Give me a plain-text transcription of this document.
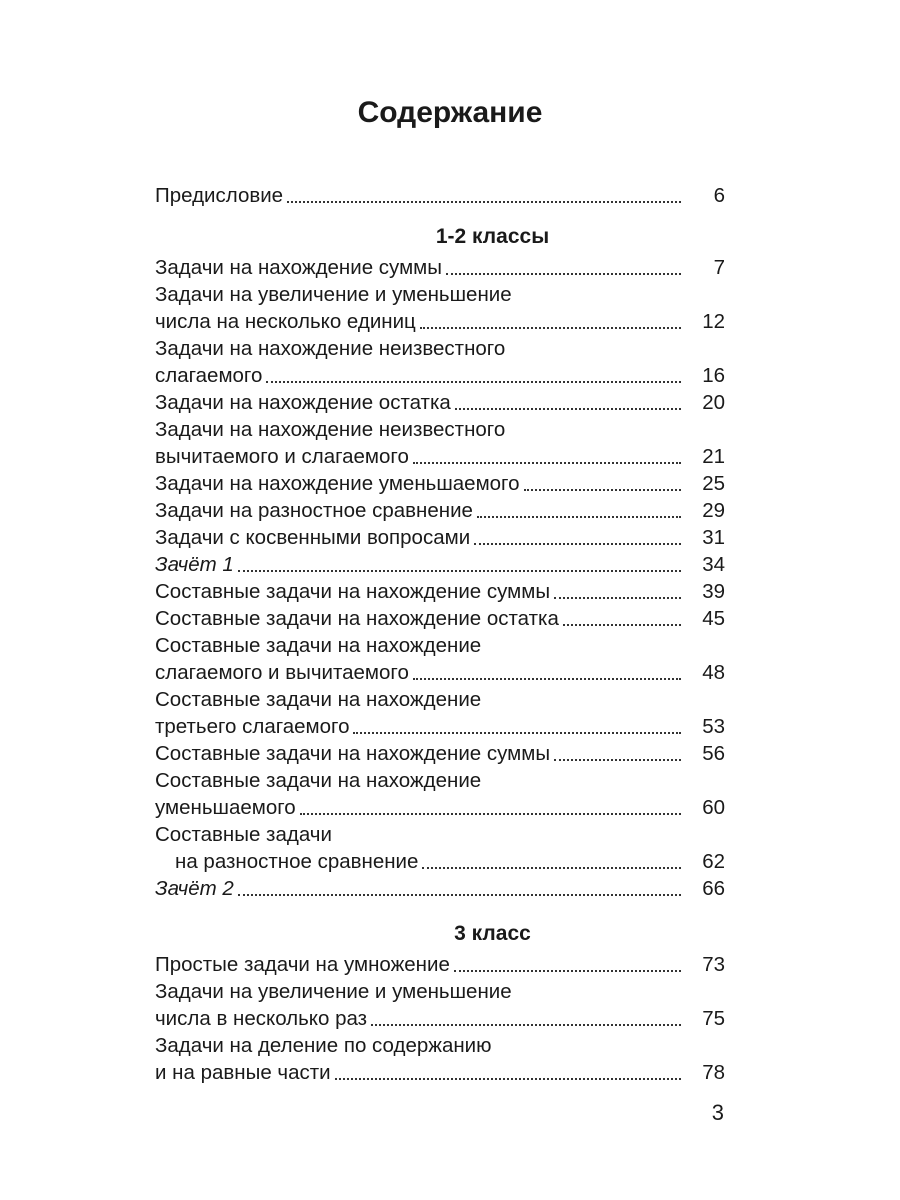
Содержание
Предисловие	6
1-2 классы
Задачи на нахождение суммы	7
Задачи на увеличение и уменьшение
числа на несколько единиц	12
Задачи на нахождение неизвестного
слагаемого	16
Задачи на нахождение остатка	20
Задачи на нахождение неизвестного
вычитаемого и слагаемого	21
Задачи на нахождение уменьшаемого	25
Задачи на разностное сравнение	29
Задачи с косвенными вопросами	31
Зачёт 1	34
Составные задачи на нахождение суммы	39
Составные задачи на нахождение остатка	45
Составные задачи на нахождение
слагаемого и вычитаемого	48
Составные задачи на нахождение
третьего слагаемого	53
Составные задачи на нахождение суммы	56
Составные задачи на нахождение
уменьшаемого	60
Составные задачи
на разностное сравнение	62
Зачёт 2	66
3 класс
Простые задачи на умножение	73
Задачи на увеличение и уменьшение
числа в несколько раз	75
Задачи на деление по содержанию
и на равные части	78
3
